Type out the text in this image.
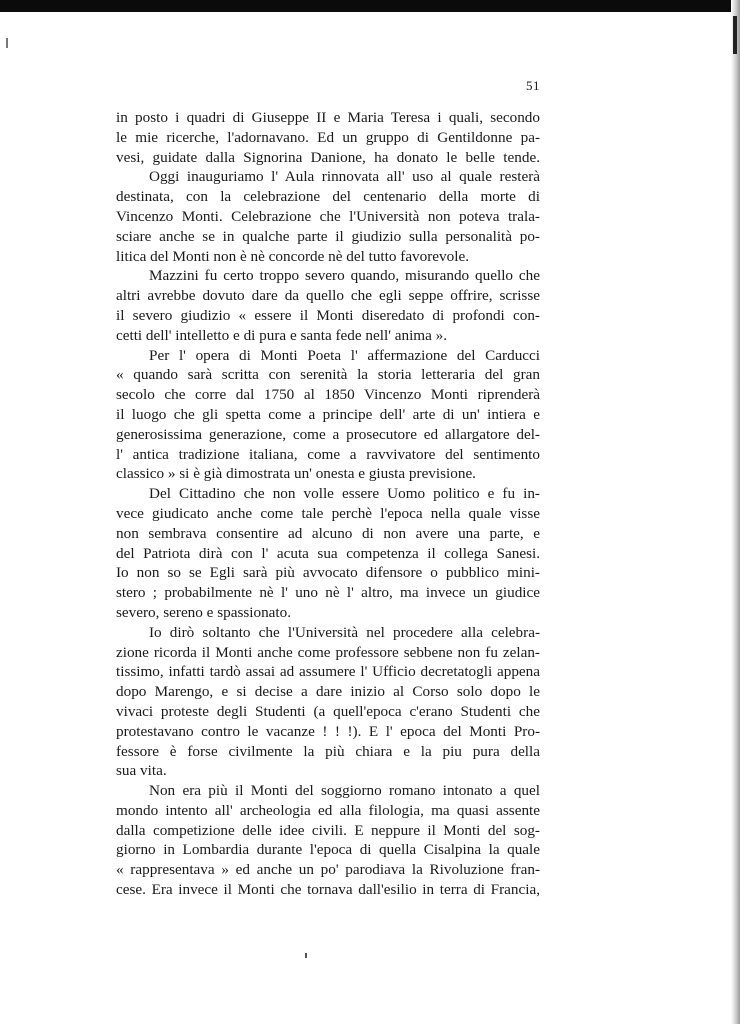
51
in posto i quadri di Giuseppe II e Maria Teresa i quali, secondo
le mie ricerche, l'adornavano. Ed un gruppo di Gentildonne pa-
vesi, guidate dalla Signorina Danione, ha donato le belle tende.
Oggi inauguriamo l' Aula rinnovata all' uso al quale resterà
destinata, con la celebrazione del centenario della morte di
Vincenzo Monti. Celebrazione che l'Università non poteva trala-
sciare anche se in qualche parte il giudizio sulla personalità po-
litica del Monti non è nè concorde nè del tutto favorevole.
Mazzini fu certo troppo severo quando, misurando quello che
altri avrebbe dovuto dare da quello che egli seppe offrire, scrisse
il severo giudizio « essere il Monti diseredato di profondi con-
cetti dell' intelletto e di pura e santa fede nell' anima ».
Per l' opera di Monti Poeta l' affermazione del Carducci
« quando sarà scritta con serenità la storia letteraria del gran
secolo che corre dal 1750 al 1850 Vincenzo Monti riprenderà
il luogo che gli spetta come a principe dell' arte di un' intiera e
generosissima generazione, come a prosecutore ed allargatore del-
l' antica tradizione italiana, come a ravvivatore del sentimento
classico » si è già dimostrata un' onesta e giusta previsione.
Del Cittadino che non volle essere Uomo politico e fu in-
vece giudicato anche come tale perchè l'epoca nella quale visse
non sembrava consentire ad alcuno di non avere una parte, e
del Patriota dirà con l' acuta sua competenza il collega Sanesi.
Io non so se Egli sarà più avvocato difensore o pubblico mini-
stero ; probabilmente nè l' uno nè l' altro, ma invece un giudice
severo, sereno e spassionato.
Io dirò soltanto che l'Università nel procedere alla celebra-
zione ricorda il Monti anche come professore sebbene non fu zelan-
tissimo, infatti tardò assai ad assumere l' Ufficio decretatogli appena
dopo Marengo, e si decise a dare inizio al Corso solo dopo le
vivaci proteste degli Studenti (a quell'epoca c'erano Studenti che
protestavano contro le vacanze ! ! !). E l' epoca del Monti Pro-
fessore è forse civilmente la più chiara e la piu pura della
sua vita.
Non era più il Monti del soggiorno romano intonato a quel
mondo intento all' archeologia ed alla filologia, ma quasi assente
dalla competizione delle idee civili. E neppure il Monti del sog-
giorno in Lombardia durante l'epoca di quella Cisalpina la quale
« rappresentava » ed anche un po' parodiava la Rivoluzione fran-
cese. Era invece il Monti che tornava dall'esilio in terra di Francia,
